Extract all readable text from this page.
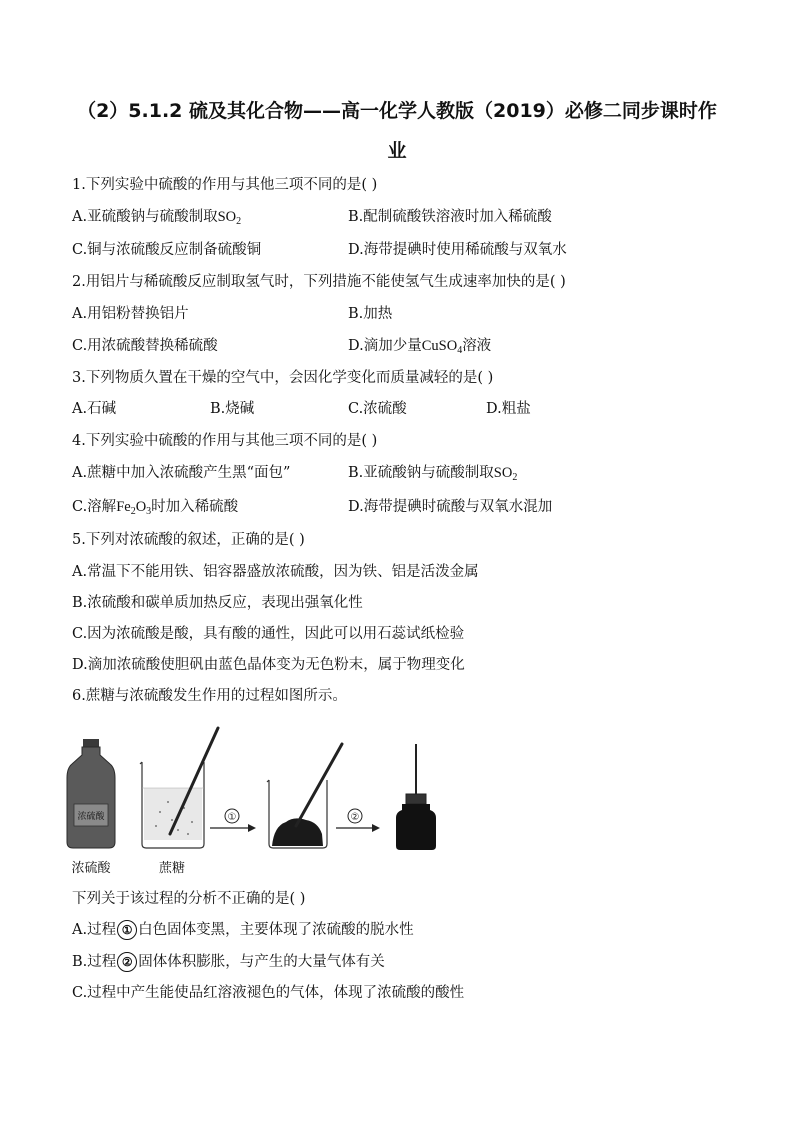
（2）5.1.2 硫及其化合物——高一化学人教版（2019）必修二同步课时作
业
1.下列实验中硫酸的作用与其他三项不同的是( )
A.亚硫酸钠与硫酸制取$SO_2$	B.配制硫酸铁溶液时加入稀硫酸
C.铜与浓硫酸反应制备硫酸铜	D.海带提碘时使用稀硫酸与双氧水
2.用铝片与稀硫酸反应制取氢气时，下列措施不能使氢气生成速率加快的是( )
A.用铝粉替换铝片	B.加热
C.用浓硫酸替换稀硫酸	D.滴加少量CuSO$_4$溶液
3.下列物质久置在干燥的空气中，会因化学变化而质量减轻的是( )
A.石碱	B.烧碱	C.浓硫酸	D.粗盐
4.下列实验中硫酸的作用与其他三项不同的是( )
A.蔗糖中加入浓硫酸产生黑“面包”	B.亚硫酸钠与硫酸制取$SO_2$
C.溶解$Fe_2O_3$时加入稀硫酸	D.海带提碘时硫酸与双氧水混加
5.下列对浓硫酸的叙述，正确的是( )
A.常温下不能用铁、铝容器盛放浓硫酸，因为铁、铝是活泼金属
B.浓硫酸和碳单质加热反应，表现出强氧化性
C.因为浓硫酸是酸，具有酸的通性，因此可以用石蕊试纸检验
D.滴加浓硫酸使胆矾由蓝色晶体变为无色粉末，属于物理变化
6.蔗糖与浓硫酸发生作用的过程如图所示。
浓硫酸
浓硫酸	蔗糖
①	②
下列关于该过程的分析不正确的是( )
A.过程 ① 白色固体变黑，主要体现了浓硫酸的脱水性
B.过程 ② 固体体积膨胀，与产生的大量气体有关
C.过程中产生能使品红溶液褪色的气体，体现了浓硫酸的酸性
